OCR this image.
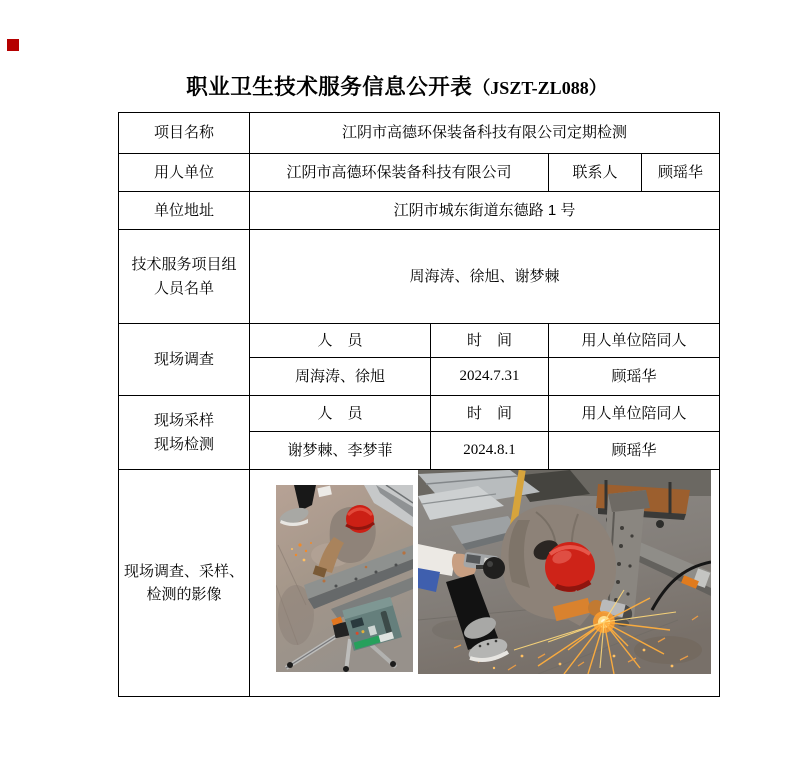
职业卫生技术服务信息公开表（JSZT-ZL088）
项目名称	江阴市高德环保装备科技有限公司定期检测			
用人单位	江阴市高德环保装备科技有限公司		联系人	顾瑶华
单位地址	江阴市城东街道东德路 1 号			
技术服务项目组
人员名单	周海涛、徐旭、谢梦棘			
现场调查	人　员	时　间	用人单位陪同人	
	周海涛、徐旭	2024.7.31	顾瑶华	
现场采样
现场检测	人　员	时　间	用人单位陪同人	
	谢梦棘、李梦菲	2024.8.1	顾瑶华	
现场调查、采样、
检测的影像	
